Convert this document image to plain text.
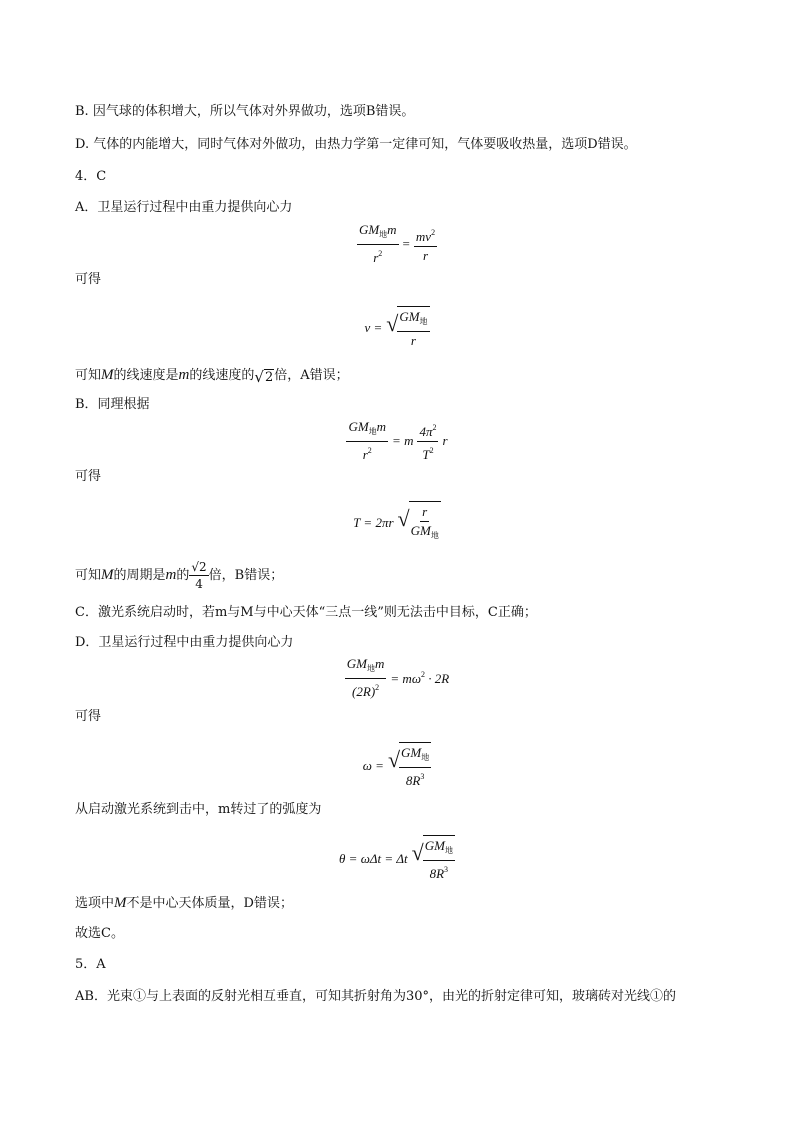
B. 因气球的体积增大，所以气体对外界做功，选项B错误。
D. 气体的内能增大，同时气体对外做功，由热力学第一定律可知，气体要吸收热量，选项D错误。
4．C
A．卫星运行过程中由重力提供向心力
$\frac{GM_地m}{r^2} = \frac{mv^2}{r}$
可得
v = √ $\frac{GM_地}{r}$
可知M的线速度是m的线速度的 √ 2 倍，A错误；
B．同理根据
$\frac{GM_地m}{r^2} = m \frac{4\pi^2}{T^2}$ r
可得
T = 2πr √ $\frac{r}{GM_地}$
可知M的周期是m的 $\frac{√2}{4}$ 倍，B错误；
C．激光系统启动时，若m与M与中心天体“三点一线”则无法击中目标，C正确；
D．卫星运行过程中由重力提供向心力
$\frac{GM_地m}{(2R)^2} = m\omega^2 \cdot 2R$
可得
ω = √ $\frac{GM_地}{8R^3}$
从启动激光系统到击中，m转过了的弧度为
θ = ωΔt = Δt √ $\frac{GM_地}{8R^3}$
选项中M不是中心天体质量，D错误；
故选C。
5．A
AB．光束①与上表面的反射光相互垂直，可知其折射角为30°，由光的折射定律可知，玻璃砖对光线①的
